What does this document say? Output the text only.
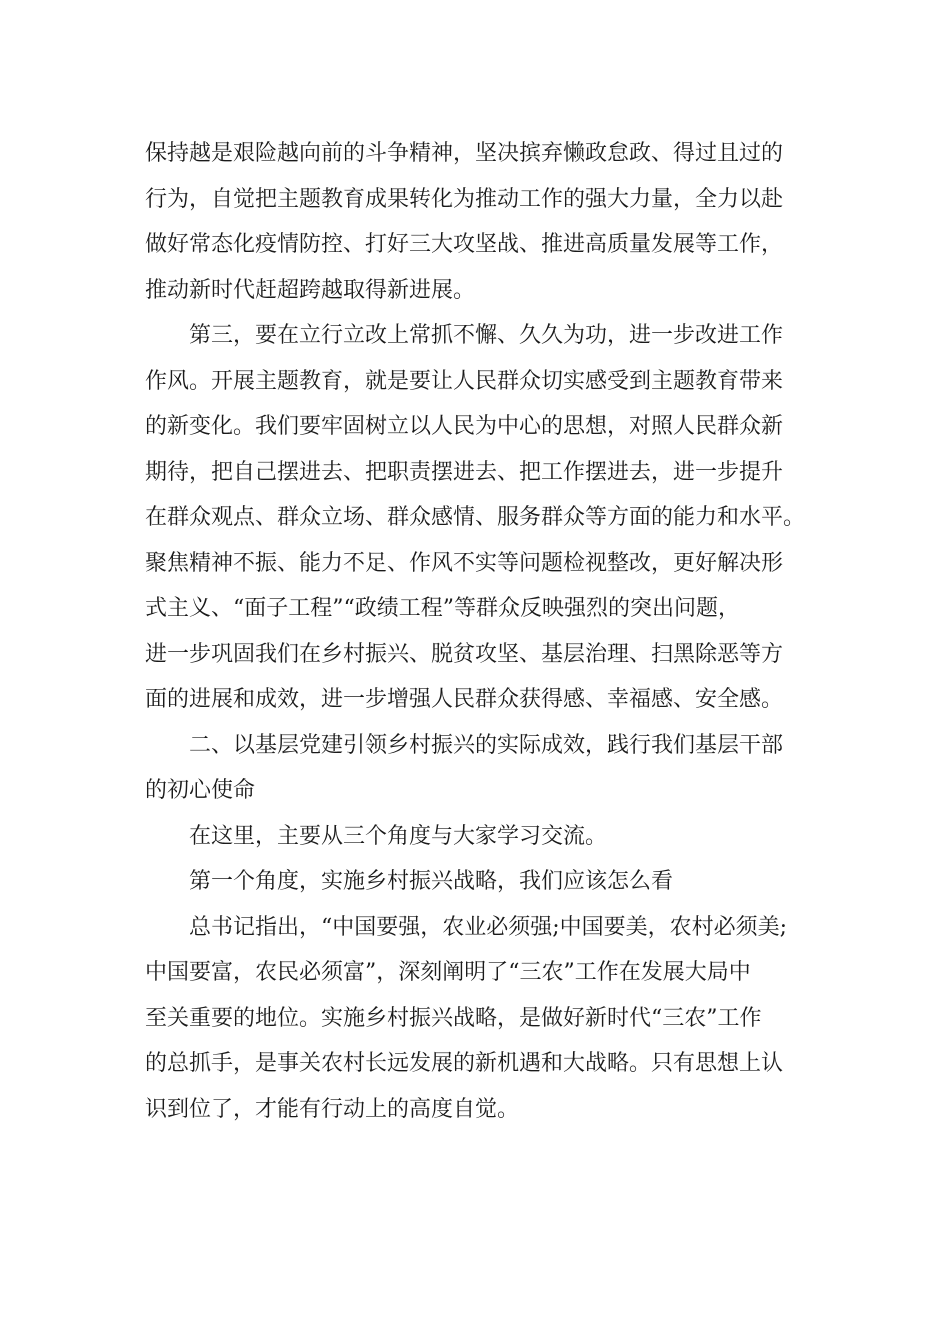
保持越是艰险越向前的斗争精神，坚决摈弃懒政怠政、得过且过的
行为，自觉把主题教育成果转化为推动工作的强大力量，全力以赴
做好常态化疫情防控、打好三大攻坚战、推进高质量发展等工作，
推动新时代赶超跨越取得新进展。
第三，要在立行立改上常抓不懈、久久为功，进一步改进工作
作风。开展主题教育，就是要让人民群众切实感受到主题教育带来
的新变化。我们要牢固树立以人民为中心的思想，对照人民群众新
期待，把自己摆进去、把职责摆进去、把工作摆进去，进一步提升
在群众观点、群众立场、群众感情、服务群众等方面的能力和水平。
聚焦精神不振、能力不足、作风不实等问题检视整改，更好解决形
式主义、“面子工程”“政绩工程”等群众反映强烈的突出问题，
进一步巩固我们在乡村振兴、脱贫攻坚、基层治理、扫黑除恶等方
面的进展和成效，进一步增强人民群众获得感、幸福感、安全感。
二、以基层党建引领乡村振兴的实际成效，践行我们基层干部
的初心使命
在这里，主要从三个角度与大家学习交流。
第一个角度，实施乡村振兴战略，我们应该怎么看
总书记指出，“中国要强，农业必须强;中国要美，农村必须美;
中国要富，农民必须富”，深刻阐明了“三农”工作在发展大局中
至关重要的地位。实施乡村振兴战略，是做好新时代“三农”工作
的总抓手，是事关农村长远发展的新机遇和大战略。只有思想上认
识到位了，才能有行动上的高度自觉。
